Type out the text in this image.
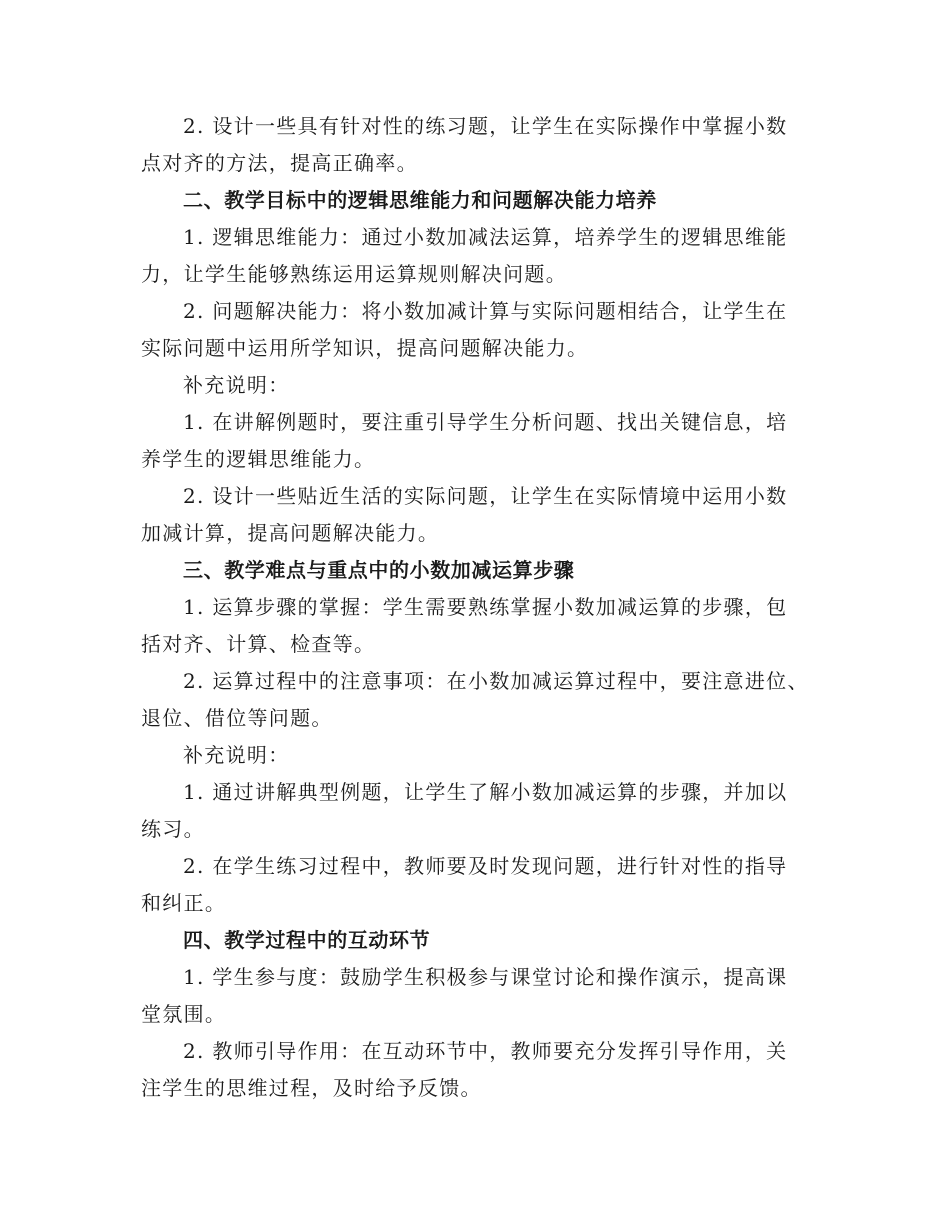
2. 设计一些具有针对性的练习题，让学生在实际操作中掌握小数
点对齐的方法，提高正确率。

二、教学目标中的逻辑思维能力和问题解决能力培养

1. 逻辑思维能力：通过小数加减法运算，培养学生的逻辑思维能
力，让学生能够熟练运用运算规则解决问题。

2. 问题解决能力：将小数加减计算与实际问题相结合，让学生在
实际问题中运用所学知识，提高问题解决能力。

补充说明：

1. 在讲解例题时，要注重引导学生分析问题、找出关键信息，培
养学生的逻辑思维能力。

2. 设计一些贴近生活的实际问题，让学生在实际情境中运用小数
加减计算，提高问题解决能力。

三、教学难点与重点中的小数加减运算步骤

1. 运算步骤的掌握：学生需要熟练掌握小数加减运算的步骤，包
括对齐、计算、检查等。

2. 运算过程中的注意事项：在小数加减运算过程中，要注意进位、
退位、借位等问题。

补充说明：

1. 通过讲解典型例题，让学生了解小数加减运算的步骤，并加以
练习。

2. 在学生练习过程中，教师要及时发现问题，进行针对性的指导
和纠正。

四、教学过程中的互动环节

1. 学生参与度：鼓励学生积极参与课堂讨论和操作演示，提高课
堂氛围。

2. 教师引导作用：在互动环节中，教师要充分发挥引导作用，关
注学生的思维过程，及时给予反馈。
